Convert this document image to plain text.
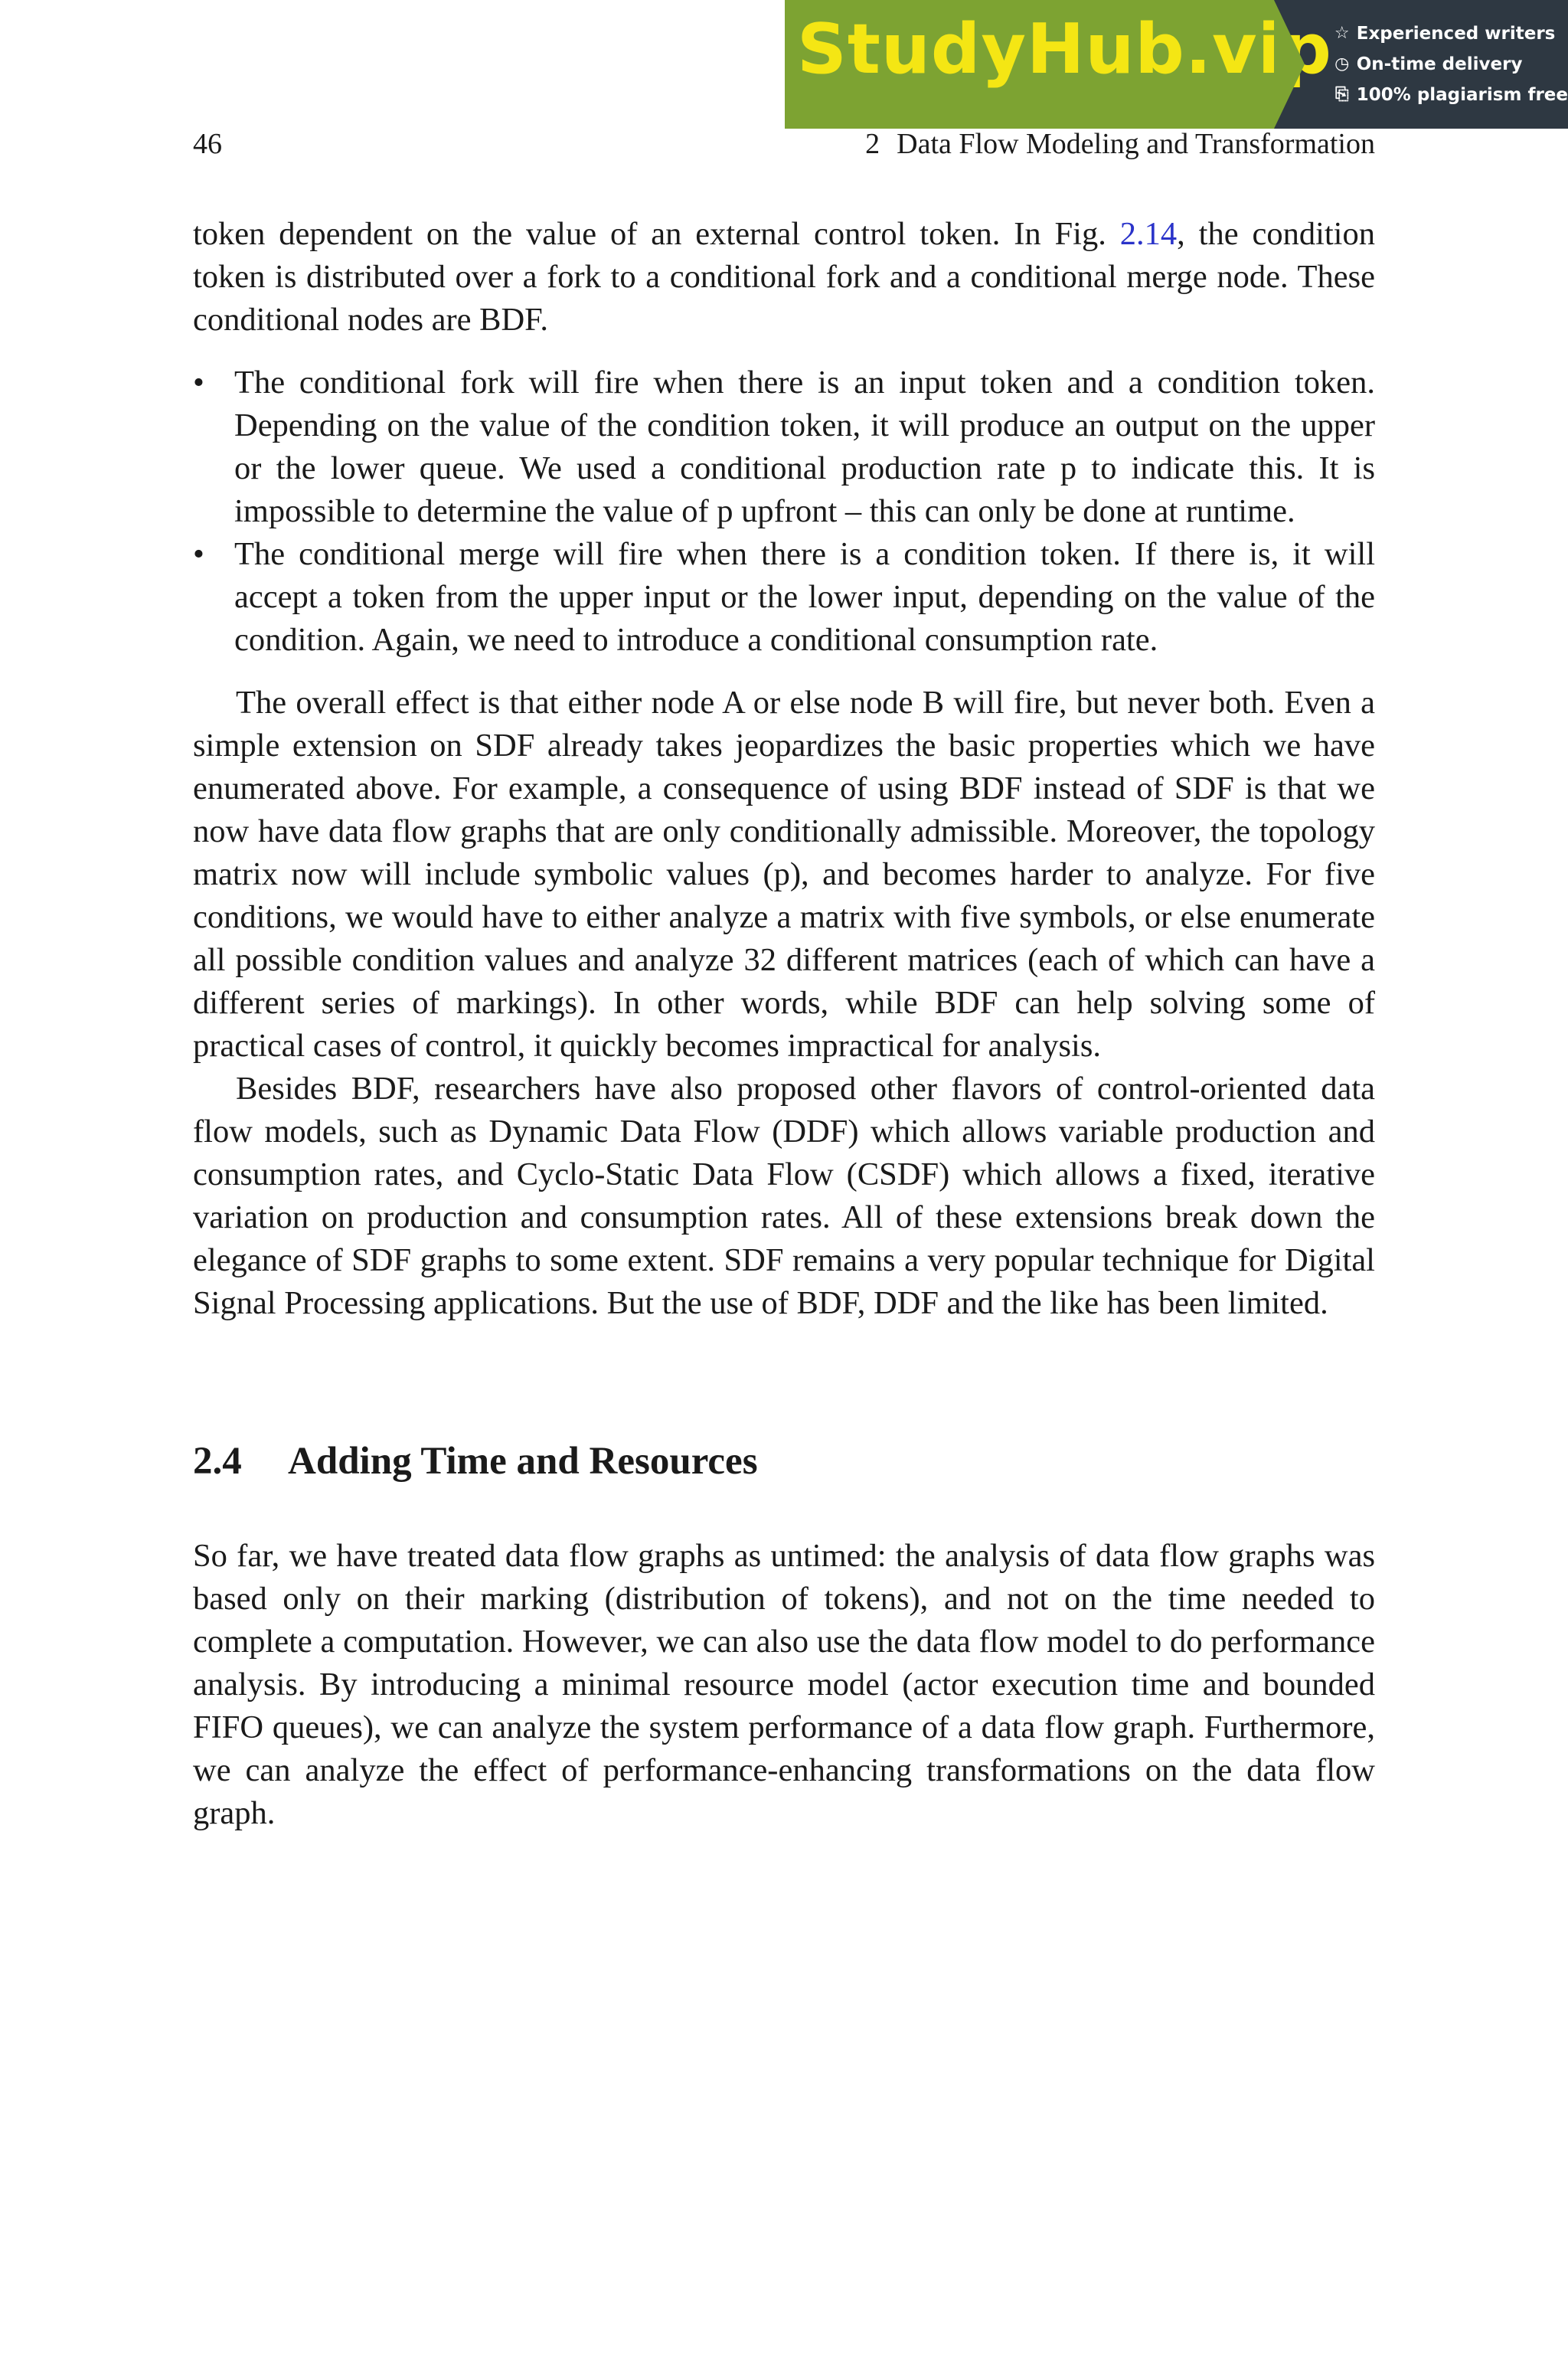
StudyHub.vip ☆ Experienced writers
◷ On-time delivery
⎘ 100% plagiarism free
46	2 Data Flow Modeling and Transformation

token dependent on the value of an external control token. In Fig. 2.14, the condition token is distributed over a fork to a conditional fork and a conditional merge node. These conditional nodes are BDF.

• The conditional fork will fire when there is an input token and a condition token. Depending on the value of the condition token, it will produce an output on the upper or the lower queue. We used a conditional production rate p to indicate this. It is impossible to determine the value of p upfront – this can only be done at runtime.
• The conditional merge will fire when there is a condition token. If there is, it will accept a token from the upper input or the lower input, depending on the value of the condition. Again, we need to introduce a conditional consumption rate.

The overall effect is that either node A or else node B will fire, but never both. Even a simple extension on SDF already takes jeopardizes the basic properties which we have enumerated above. For example, a consequence of using BDF instead of SDF is that we now have data flow graphs that are only conditionally admissible. Moreover, the topology matrix now will include symbolic values (p), and becomes harder to analyze. For five conditions, we would have to either analyze a matrix with five symbols, or else enumerate all possible condition values and analyze 32 different matrices (each of which can have a different series of markings). In other words, while BDF can help solving some of practical cases of control, it quickly becomes impractical for analysis.

Besides BDF, researchers have also proposed other flavors of control-oriented data flow models, such as Dynamic Data Flow (DDF) which allows variable production and consumption rates, and Cyclo-Static Data Flow (CSDF) which allows a fixed, iterative variation on production and consumption rates. All of these extensions break down the elegance of SDF graphs to some extent. SDF remains a very popular technique for Digital Signal Processing applications. But the use of BDF, DDF and the like has been limited.

2.4	Adding Time and Resources

So far, we have treated data flow graphs as untimed: the analysis of data flow graphs was based only on their marking (distribution of tokens), and not on the time needed to complete a computation. However, we can also use the data flow model to do performance analysis. By introducing a minimal resource model (actor execution time and bounded FIFO queues), we can analyze the system performance of a data flow graph. Furthermore, we can analyze the effect of performance-enhancing transformations on the data flow graph.
